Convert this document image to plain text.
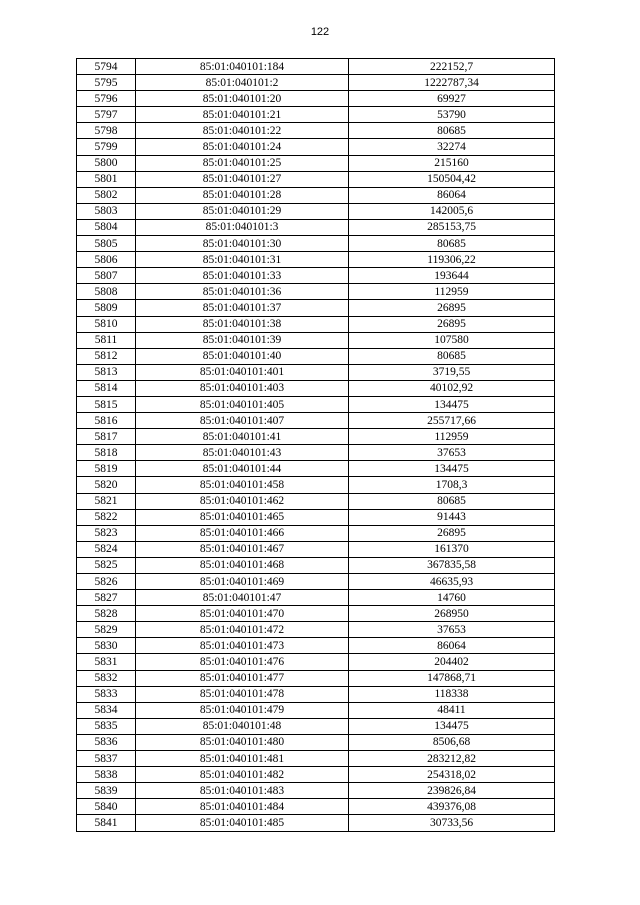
122
5794	85:01:040101:184	222152,7
5795	85:01:040101:2	1222787,34
5796	85:01:040101:20	69927
5797	85:01:040101:21	53790
5798	85:01:040101:22	80685
5799	85:01:040101:24	32274
5800	85:01:040101:25	215160
5801	85:01:040101:27	150504,42
5802	85:01:040101:28	86064
5803	85:01:040101:29	142005,6
5804	85:01:040101:3	285153,75
5805	85:01:040101:30	80685
5806	85:01:040101:31	119306,22
5807	85:01:040101:33	193644
5808	85:01:040101:36	112959
5809	85:01:040101:37	26895
5810	85:01:040101:38	26895
5811	85:01:040101:39	107580
5812	85:01:040101:40	80685
5813	85:01:040101:401	3719,55
5814	85:01:040101:403	40102,92
5815	85:01:040101:405	134475
5816	85:01:040101:407	255717,66
5817	85:01:040101:41	112959
5818	85:01:040101:43	37653
5819	85:01:040101:44	134475
5820	85:01:040101:458	1708,3
5821	85:01:040101:462	80685
5822	85:01:040101:465	91443
5823	85:01:040101:466	26895
5824	85:01:040101:467	161370
5825	85:01:040101:468	367835,58
5826	85:01:040101:469	46635,93
5827	85:01:040101:47	14760
5828	85:01:040101:470	268950
5829	85:01:040101:472	37653
5830	85:01:040101:473	86064
5831	85:01:040101:476	204402
5832	85:01:040101:477	147868,71
5833	85:01:040101:478	118338
5834	85:01:040101:479	48411
5835	85:01:040101:48	134475
5836	85:01:040101:480	8506,68
5837	85:01:040101:481	283212,82
5838	85:01:040101:482	254318,02
5839	85:01:040101:483	239826,84
5840	85:01:040101:484	439376,08
5841	85:01:040101:485	30733,56
